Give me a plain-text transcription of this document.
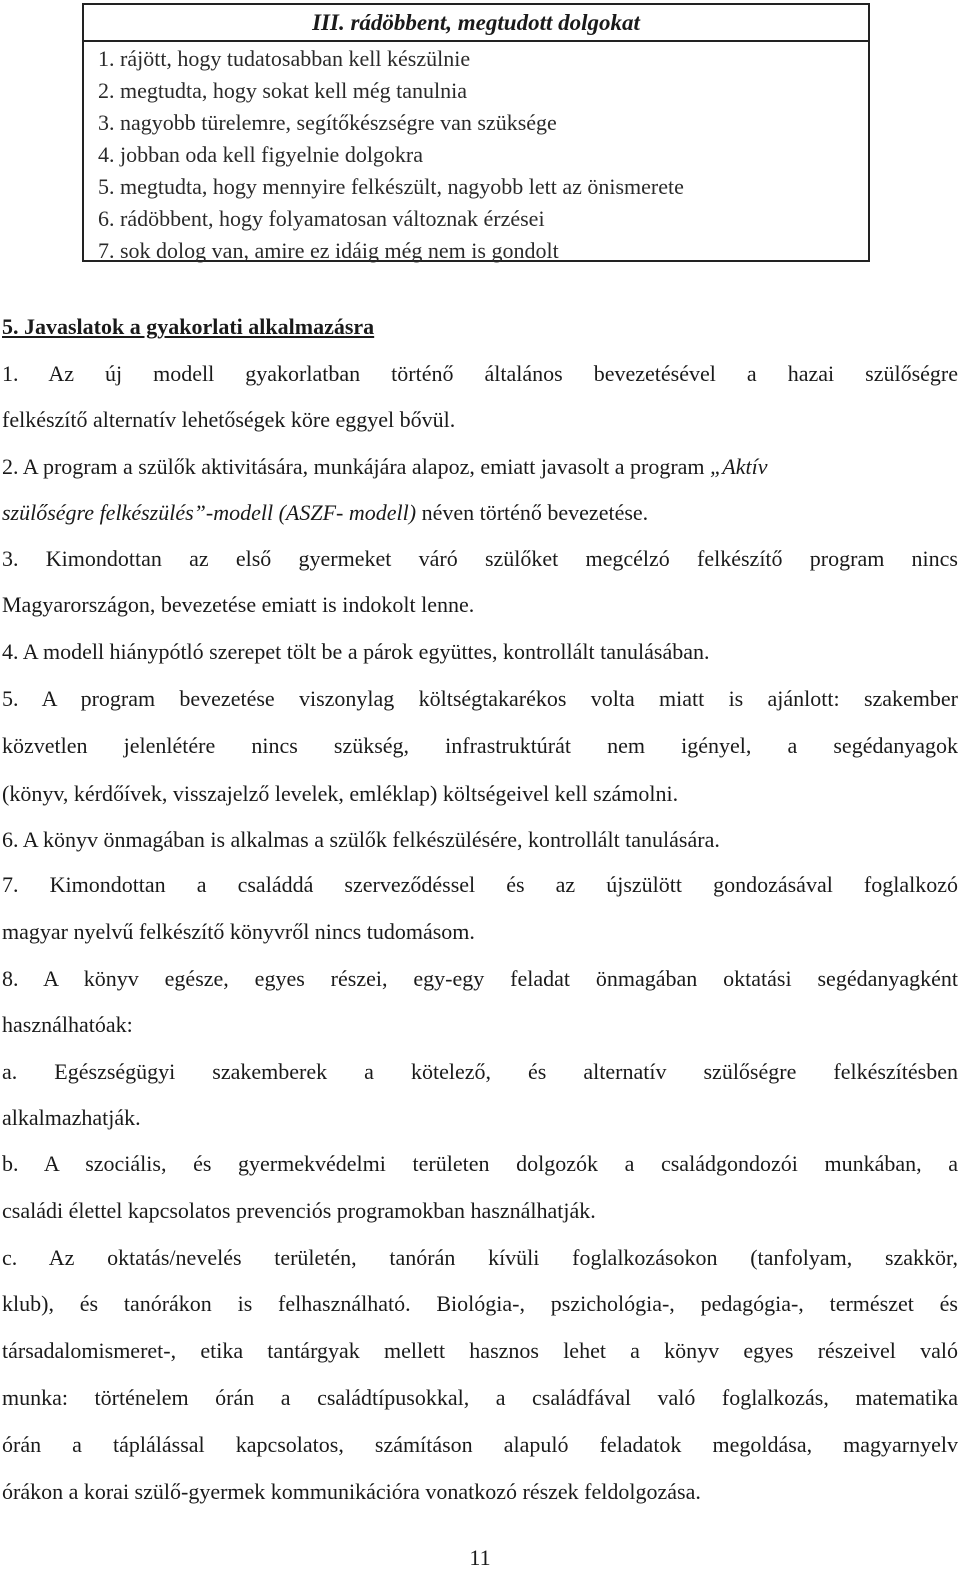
III. rádöbbent, megtudott dolgokat
1. rájött, hogy tudatosabban kell készülnie
2. megtudta, hogy sokat kell még tanulnia
3. nagyobb türelemre, segítőkészségre van szüksége
4. jobban oda kell figyelnie dolgokra
5. megtudta, hogy mennyire felkészült, nagyobb lett az önismerete
6. rádöbbent, hogy folyamatosan változnak érzései
7. sok dolog van, amire ez idáig még nem is gondolt
5. Javaslatok a gyakorlati alkalmazásra
1. Az új modell gyakorlatban történő általános bevezetésével a hazai szülőségre
felkészítő alternatív lehetőségek köre eggyel bővül.
2. A program a szülők aktivitására, munkájára alapoz, emiatt javasolt a program „Aktív
szülőségre felkészülés”-modell (ASZF- modell) néven történő bevezetése.
3. Kimondottan az első gyermeket váró szülőket megcélzó felkészítő program nincs
Magyarországon, bevezetése emiatt is indokolt lenne.
4. A modell hiánypótló szerepet tölt be a párok együttes, kontrollált tanulásában.
5. A program bevezetése viszonylag költségtakarékos volta miatt is ajánlott: szakember
közvetlen jelenlétére nincs szükség, infrastruktúrát nem igényel, a segédanyagok
(könyv, kérdőívek, visszajelző levelek, emléklap) költségeivel kell számolni.
6. A könyv önmagában is alkalmas a szülők felkészülésére, kontrollált tanulására.
7. Kimondottan a családdá szerveződéssel és az újszülött gondozásával foglalkozó
magyar nyelvű felkészítő könyvről nincs tudomásom.
8. A könyv egésze, egyes részei, egy-egy feladat önmagában oktatási segédanyagként
használhatóak:
a. Egészségügyi szakemberek a kötelező, és alternatív szülőségre felkészítésben
alkalmazhatják.
b. A szociális, és gyermekvédelmi területen dolgozók a családgondozói munkában, a
családi élettel kapcsolatos prevenciós programokban használhatják.
c. Az oktatás/nevelés területén, tanórán kívüli foglalkozásokon (tanfolyam, szakkör,
klub), és tanórákon is felhasználható. Biológia-, pszichológia-, pedagógia-, természet és
társadalomismeret-, etika tantárgyak mellett hasznos lehet a könyv egyes részeivel való
munka: történelem órán a családtípusokkal, a családfával való foglalkozás, matematika
órán a táplálással kapcsolatos, számításon alapuló feladatok megoldása, magyarnyelv
órákon a korai szülő-gyermek kommunikációra vonatkozó részek feldolgozása.
11
